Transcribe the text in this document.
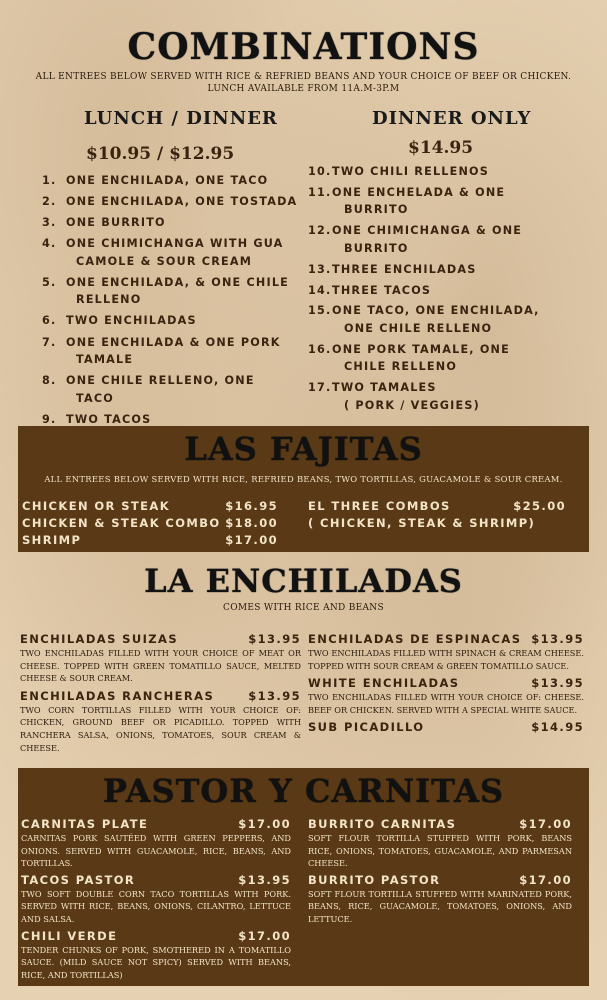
COMBINATIONS
ALL ENTREES BELOW SERVED WITH RICE & REFRIED BEANS AND YOUR CHOICE OF BEEF OR CHICKEN.
LUNCH AVAILABLE FROM 11A.M-3P.M
LUNCH / DINNER
$10.95 / $12.95
DINNER ONLY
$14.95
1. ONE ENCHILADA, ONE TACO
2. ONE ENCHILADA, ONE TOSTADA
3. ONE BURRITO
4. ONE CHIMICHANGA WITH GUA
CAMOLE & SOUR CREAM
5. ONE ENCHILADA, & ONE CHILE
RELLENO
6. TWO ENCHILADAS
7. ONE ENCHILADA & ONE PORK
TAMALE
8. ONE CHILE RELLENO, ONE
TACO
9. TWO TACOS
10.TWO CHILI RELLENOS
11.ONE ENCHELADA & ONE
BURRITO
12.ONE CHIMICHANGA & ONE
BURRITO
13.THREE ENCHILADAS
14.THREE TACOS
15.ONE TACO, ONE ENCHILADA,
ONE CHILE RELLENO
16.ONE PORK TAMALE, ONE
CHILE RELLENO
17.TWO TAMALES
( PORK / VEGGIES)
LAS FAJITAS
ALL ENTREES BELOW SERVED WITH RICE, REFRIED BEANS, TWO TORTILLAS, GUACAMOLE & SOUR CREAM.
CHICKEN OR STEAK	$16.95
CHICKEN & STEAK COMBO $18.00
SHRIMP	$17.00
EL THREE COMBOS	$25.00
( CHICKEN, STEAK & SHRIMP)
LA ENCHILADAS
COMES WITH RICE AND BEANS
ENCHILADAS SUIZAS	$13.95
TWO ENCHILADAS FILLED WITH YOUR CHOICE OF MEAT OR CHEESE. TOPPED WITH GREEN TOMATILLO SAUCE, MELTED CHEESE & SOUR CREAM.
ENCHILADAS RANCHERAS	$13.95
TWO CORN TORTILLAS FILLED WITH YOUR CHOICE OF: CHICKEN, GROUND BEEF OR PICADILLO. TOPPED WITH RANCHERA SALSA, ONIONS, TOMATOES, SOUR CREAM & CHEESE.
ENCHILADAS DE ESPINACAS $13.95
TWO ENCHILADAS FILLED WITH SPINACH & CREAM CHEESE. TOPPED WITH SOUR CREAM & GREEN TOMATILLO SAUCE.
WHITE ENCHILADAS	$13.95
TWO ENCHILADAS FILLED WITH YOUR CHOICE OF: CHEESE. BEEF OR CHICKEN. SERVED WITH A SPECIAL WHITE SAUCE.
SUB PICADILLO	$14.95
PASTOR Y CARNITAS
CARNITAS PLATE	$17.00
CARNITAS PORK SAUTÉED WITH GREEN PEPPERS, AND ONIONS. SERVED WITH GUACAMOLE, RICE, BEANS, AND TORTILLAS.
TACOS PASTOR	$13.95
TWO SOFT DOUBLE CORN TACO TORTILLAS WITH PORK. SERVED WITH RICE, BEANS, ONIONS, CILANTRO, LETTUCE AND SALSA.
CHILI VERDE	$17.00
TENDER CHUNKS OF PORK, SMOTHERED IN A TOMATILLO SAUCE. (MILD SAUCE NOT SPICY) SERVED WITH BEANS, RICE, AND TORTILLAS)
BURRITO CARNITAS	$17.00
SOFT FLOUR TORTILLA STUFFED WITH PORK, BEANS RICE, ONIONS, TOMATOES, GUACAMOLE, AND PARMESAN CHEESE.
BURRITO PASTOR	$17.00
SOFT FLOUR TORTILLA STUFFED WITH MARINATED PORK, BEANS, RICE, GUACAMOLE, TOMATOES, ONIONS, AND LETTUCE.
